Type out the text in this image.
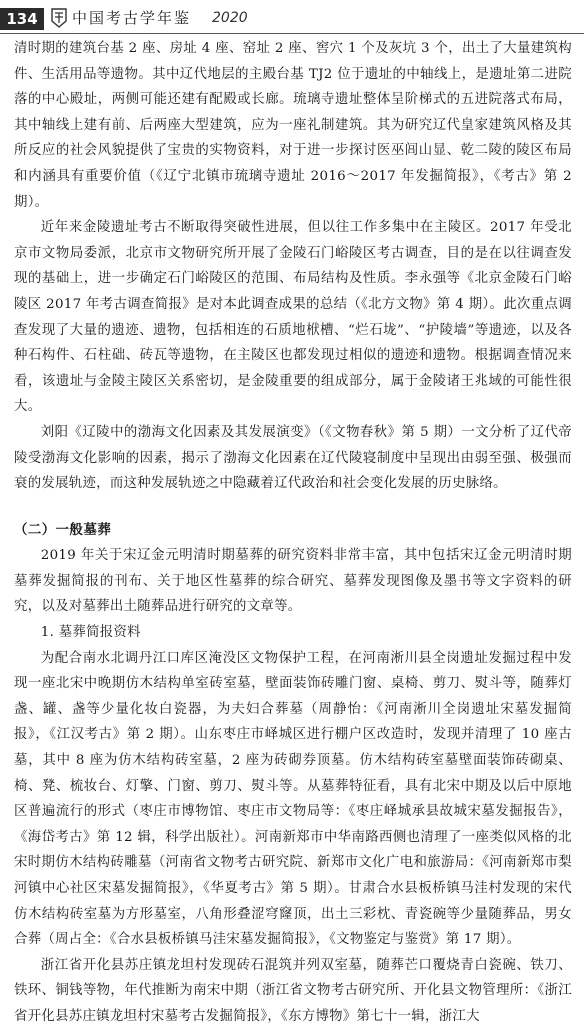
134	中国考古学年鉴 2020

清时期的建筑台基 2 座、房址 4 座、窑址 2 座、窖穴 1 个及灰坑 3 个，出土了大量建筑构件、生活用品等遗物。其中辽代地层的主殿台基 TJ2 位于遗址的中轴线上，是遗址第二进院落的中心殿址，两侧可能还建有配殿或长廊。琉璃寺遗址整体呈阶梯式的五进院落式布局，其中轴线上建有前、后两座大型建筑，应为一座礼制建筑。其为研究辽代皇家建筑风格及其所反应的社会风貌提供了宝贵的实物资料，对于进一步探讨医巫闾山显、乾二陵的陵区布局和内涵具有重要价值（《辽宁北镇市琉璃寺遗址 2016～2017 年发掘简报》，《考古》第 2 期）。

近年来金陵遗址考古不断取得突破性进展，但以往工作多集中在主陵区。2017 年受北京市文物局委派，北京市文物研究所开展了金陵石门峪陵区考古调查，目的是在以往调查发现的基础上，进一步确定石门峪陵区的范围、布局结构及性质。李永强等《北京金陵石门峪陵区 2017 年考古调查简报》是对本此调查成果的总结（《北方文物》第 4 期）。此次重点调查发现了大量的遗迹、遗物，包括相连的石质地栿槽、“烂石垅”、“护陵墙”等遗迹，以及各种石构件、石柱础、砖瓦等遗物，在主陵区也都发现过相似的遗迹和遗物。根据调查情况来看，该遗址与金陵主陵区关系密切，是金陵重要的组成部分，属于金陵诸王兆域的可能性很大。

刘阳《辽陵中的渤海文化因素及其发展演变》（《文物春秋》第 5 期）一文分析了辽代帝陵受渤海文化影响的因素，揭示了渤海文化因素在辽代陵寝制度中呈现出由弱至强、极强而衰的发展轨迹，而这种发展轨迹之中隐藏着辽代政治和社会变化发展的历史脉络。

（二）一般墓葬

2019 年关于宋辽金元明清时期墓葬的研究资料非常丰富，其中包括宋辽金元明清时期墓葬发掘简报的刊布、关于地区性墓葬的综合研究、墓葬发现图像及墨书等文字资料的研究，以及对墓葬出土随葬品进行研究的文章等。

1. 墓葬简报资料

为配合南水北调丹江口库区淹没区文物保护工程，在河南淅川县全岗遗址发掘过程中发现一座北宋中晚期仿木结构单室砖室墓，壁面装饰砖雕门窗、桌椅、剪刀、熨斗等，随葬灯盏、罐、盏等少量化妆白瓷器，为夫妇合葬墓（周静怡：《河南淅川全岗遗址宋墓发掘简报》，《江汉考古》第 2 期）。山东枣庄市峄城区进行棚户区改造时，发现并清理了 10 座古墓，其中 8 座为仿木结构砖室墓，2 座为砖砌券顶墓。仿木结构砖室墓壁面装饰砖砌桌、椅、凳、梳妆台、灯擎、门窗、剪刀、熨斗等。从墓葬特征看，具有北宋中期及以后中原地区普遍流行的形式（枣庄市博物馆、枣庄市文物局等：《枣庄峄城承县故城宋墓发掘报告》，《海岱考古》第 12 辑，科学出版社）。河南新郑市中华南路西侧也清理了一座类似风格的北宋时期仿木结构砖雕墓（河南省文物考古研究院、新郑市文化广电和旅游局：《河南新郑市梨河镇中心社区宋墓发掘简报》，《华夏考古》第 5 期）。甘肃合水县板桥镇马洼村发现的宋代仿木结构砖室墓为方形墓室，八角形叠涩穹窿顶，出土三彩枕、青瓷碗等少量随葬品，男女合葬（周占全：《合水县板桥镇马洼宋墓发掘简报》，《文物鉴定与鉴赏》第 17 期）。

浙江省开化县苏庄镇龙坦村发现砖石混筑并列双室墓，随葬芒口覆烧青白瓷碗、铁刀、铁环、铜钱等物，年代推断为南宋中期（浙江省文物考古研究所、开化县文物管理所：《浙江省开化县苏庄镇龙坦村宋墓考古发掘简报》，《东方博物》第七十一辑，浙江大
